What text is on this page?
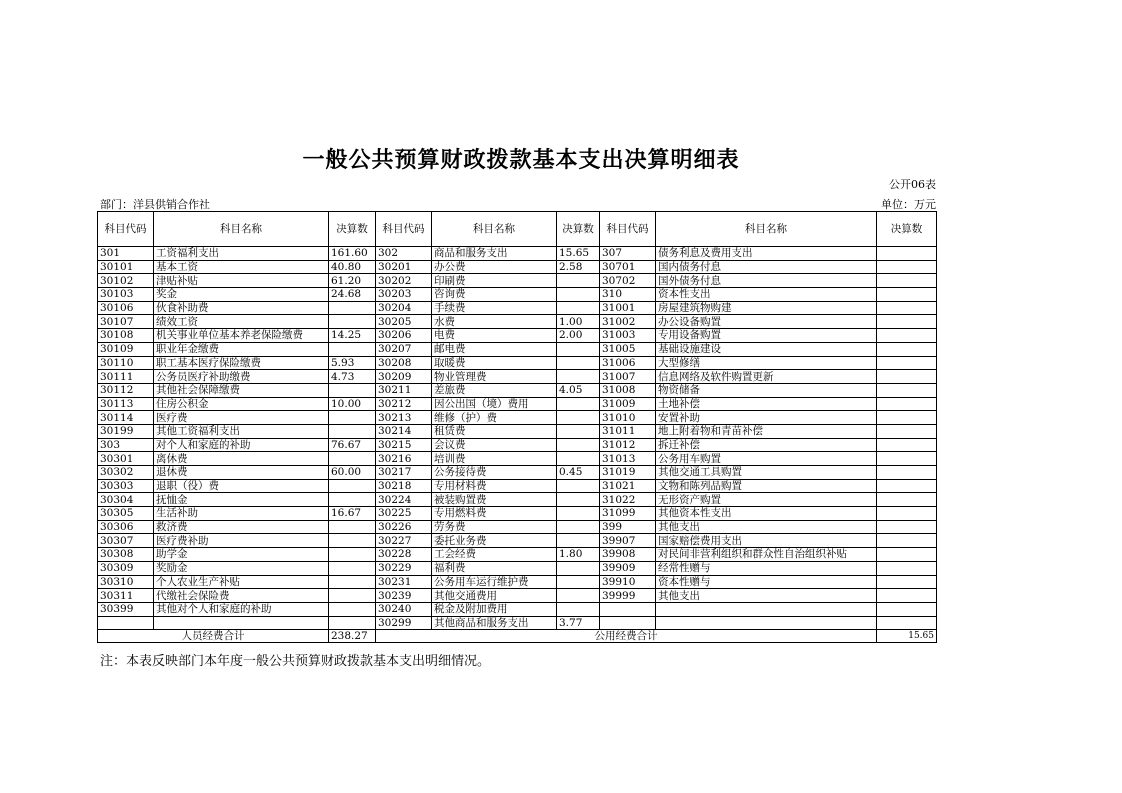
一般公共预算财政拨款基本支出决算明细表
公开06表
部门：洋县供销合作社	单位：万元
科目代码	科目名称	决算数	科目代码	科目名称	决算数	科目代码	科目名称	决算数
301	工资福利支出	161.60	302	商品和服务支出	15.65	307	债务利息及费用支出	
30101	基本工资	40.80	30201	办公费	2.58	30701	国内债务付息	
30102	津贴补贴	61.20	30202	印刷费		30702	国外债务付息	
30103	奖金	24.68	30203	咨询费		310	资本性支出	
30106	伙食补助费		30204	手续费		31001	房屋建筑物购建	
30107	绩效工资		30205	水费	1.00	31002	办公设备购置	
30108	机关事业单位基本养老保险缴费	14.25	30206	电费	2.00	31003	专用设备购置	
30109	职业年金缴费		30207	邮电费		31005	基础设施建设	
30110	职工基本医疗保险缴费	5.93	30208	取暖费		31006	大型修缮	
30111	公务员医疗补助缴费	4.73	30209	物业管理费		31007	信息网络及软件购置更新	
30112	其他社会保障缴费		30211	差旅费	4.05	31008	物资储备	
30113	住房公积金	10.00	30212	因公出国（境）费用		31009	土地补偿	
30114	医疗费		30213	维修（护）费		31010	安置补助	
30199	其他工资福利支出		30214	租赁费		31011	地上附着物和青苗补偿	
303	对个人和家庭的补助	76.67	30215	会议费		31012	拆迁补偿	
30301	离休费		30216	培训费		31013	公务用车购置	
30302	退休费	60.00	30217	公务接待费	0.45	31019	其他交通工具购置	
30303	退职（役）费		30218	专用材料费		31021	文物和陈列品购置	
30304	抚恤金		30224	被装购置费		31022	无形资产购置	
30305	生活补助	16.67	30225	专用燃料费		31099	其他资本性支出	
30306	救济费		30226	劳务费		399	其他支出	
30307	医疗费补助		30227	委托业务费		39907	国家赔偿费用支出	
30308	助学金		30228	工会经费	1.80	39908	对民间非营利组织和群众性自治组织补贴	
30309	奖励金		30229	福利费		39909	经常性赠与	
30310	个人农业生产补贴		30231	公务用车运行维护费		39910	资本性赠与	
30311	代缴社会保险费		30239	其他交通费用		39999	其他支出	
30399	其他对个人和家庭的补助		30240	税金及附加费用				
			30299	其他商品和服务支出	3.77			
人员经费合计		238.27	公用经费合计					15.65
注：本表反映部门本年度一般公共预算财政拨款基本支出明细情况。
